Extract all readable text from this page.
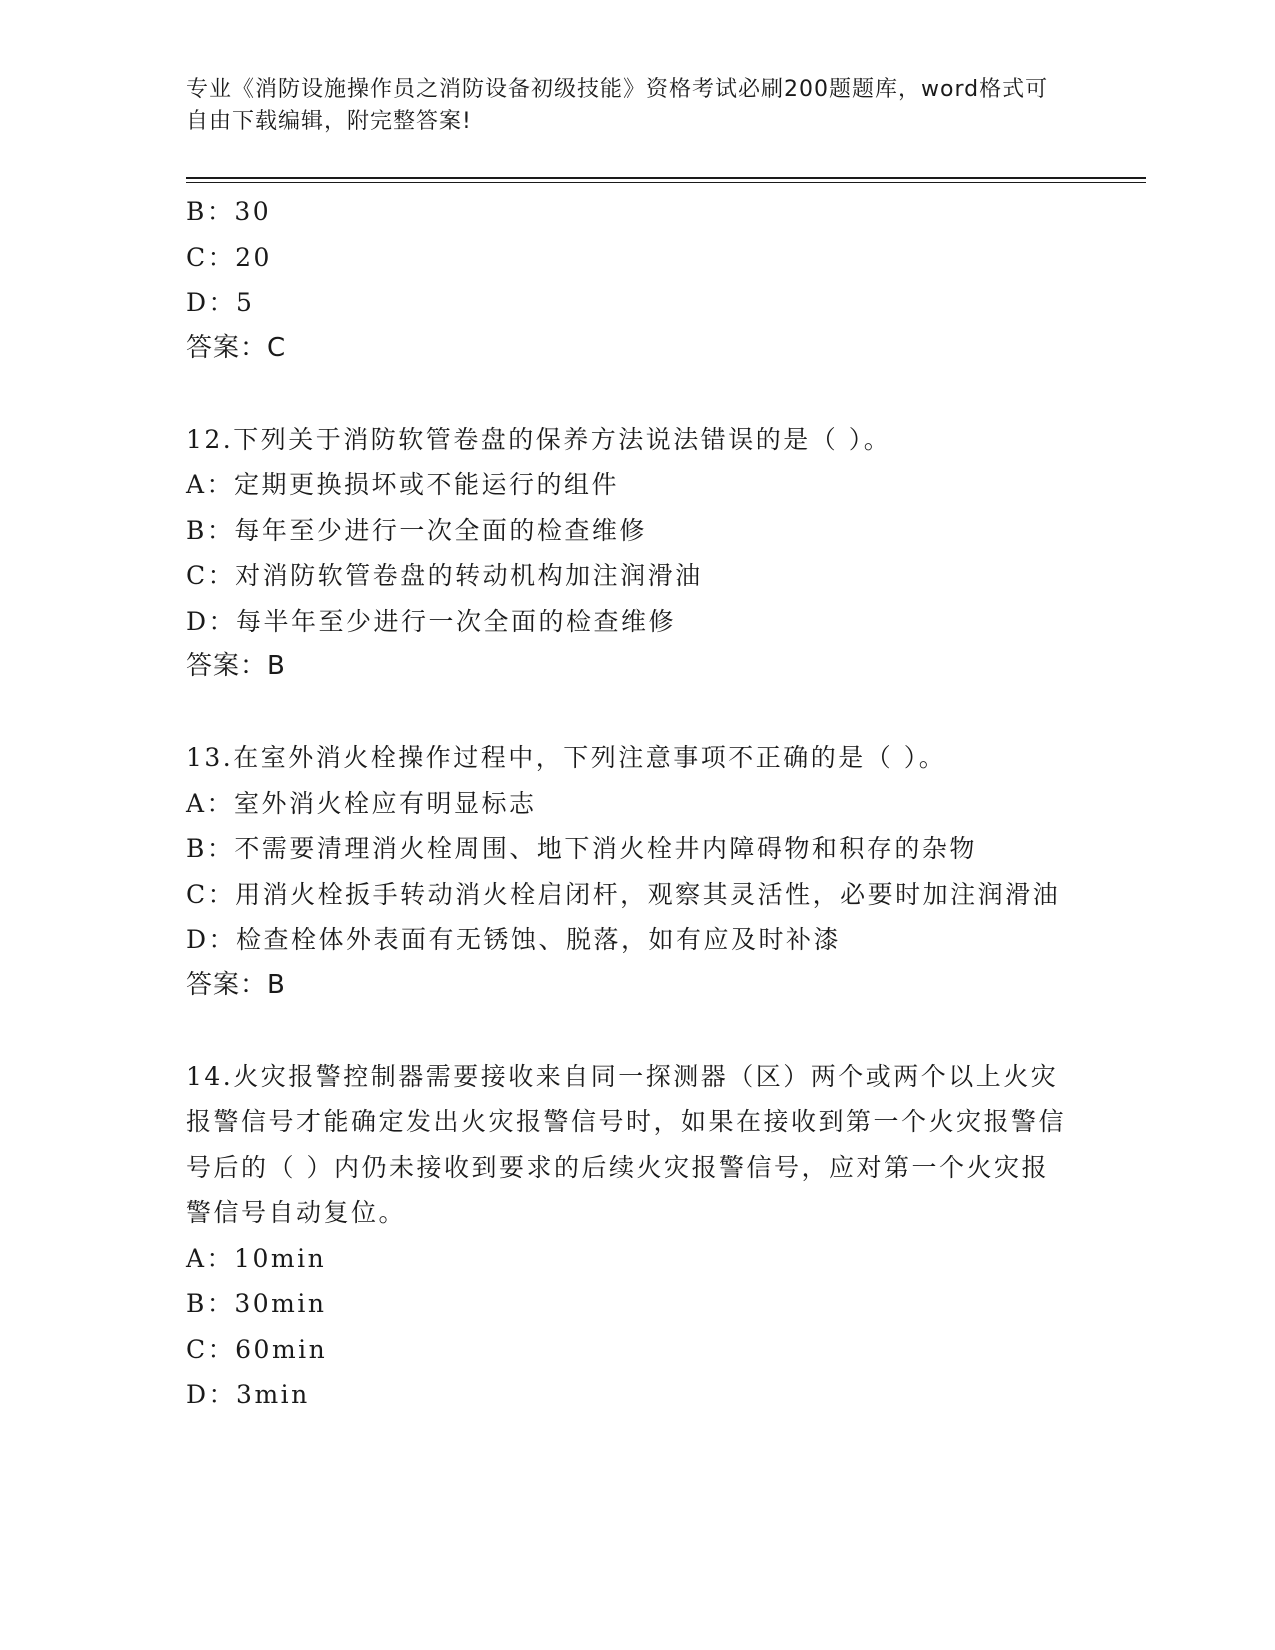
专业《消防设施操作员之消防设备初级技能》资格考试必刷200题题库，word格式可自由下载编辑，附完整答案!
B：30
C：20
D：5
答案：C
12.下列关于消防软管卷盘的保养方法说法错误的是（ ）。
A：定期更换损坏或不能运行的组件
B：每年至少进行一次全面的检查维修
C：对消防软管卷盘的转动机构加注润滑油
D：每半年至少进行一次全面的检查维修
答案：B
13.在室外消火栓操作过程中，下列注意事项不正确的是（ ）。
A：室外消火栓应有明显标志
B：不需要清理消火栓周围、地下消火栓井内障碍物和积存的杂物
C：用消火栓扳手转动消火栓启闭杆，观察其灵活性，必要时加注润滑油
D：检查栓体外表面有无锈蚀、脱落，如有应及时补漆
答案：B
14.火灾报警控制器需要接收来自同一探测器（区）两个或两个以上火灾报警信号才能确定发出火灾报警信号时，如果在接收到第一个火灾报警信号后的（ ）内仍未接收到要求的后续火灾报警信号，应对第一个火灾报警信号自动复位。
A：10min
B：30min
C：60min
D：3min
